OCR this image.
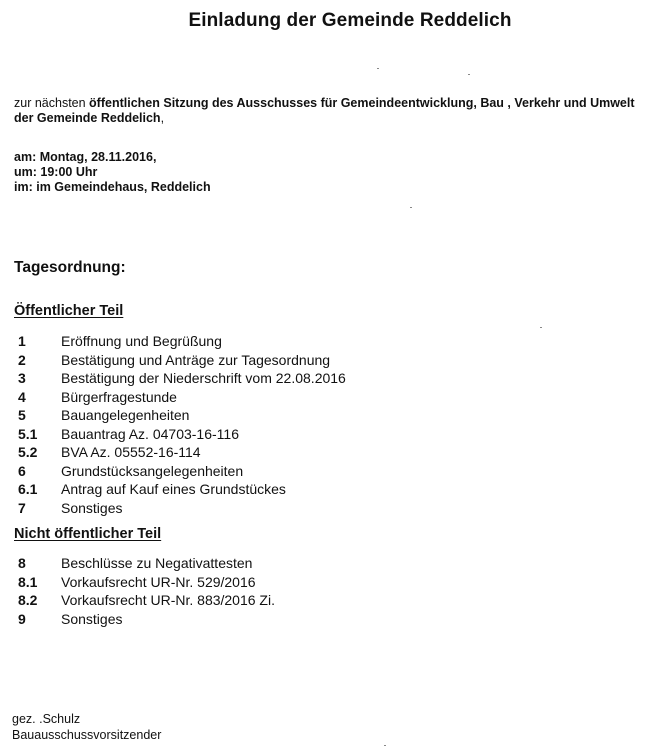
Einladung der Gemeinde Reddelich
zur nächsten öffentlichen Sitzung des Ausschusses für Gemeindeentwicklung, Bau , Verkehr und Umwelt der Gemeinde Reddelich,
am: Montag, 28.11.2016,
um: 19:00 Uhr
im: im Gemeindehaus, Reddelich
Tagesordnung:
Öffentlicher Teil
1	Eröffnung und Begrüßung
2	Bestätigung und Anträge zur Tagesordnung
3	Bestätigung der Niederschrift vom 22.08.2016
4	Bürgerfragestunde
5	Bauangelegenheiten
5.1	Bauantrag Az. 04703-16-116
5.2	BVA Az. 05552-16-114
6	Grundstücksangelegenheiten
6.1	Antrag auf Kauf eines Grundstückes
7	Sonstiges
Nicht öffentlicher Teil
8	Beschlüsse zu Negativattesten
8.1	Vorkaufsrecht UR-Nr. 529/2016
8.2	Vorkaufsrecht UR-Nr. 883/2016 Zi.
9	Sonstiges
gez. .Schulz
Bauausschussvorsitzender
